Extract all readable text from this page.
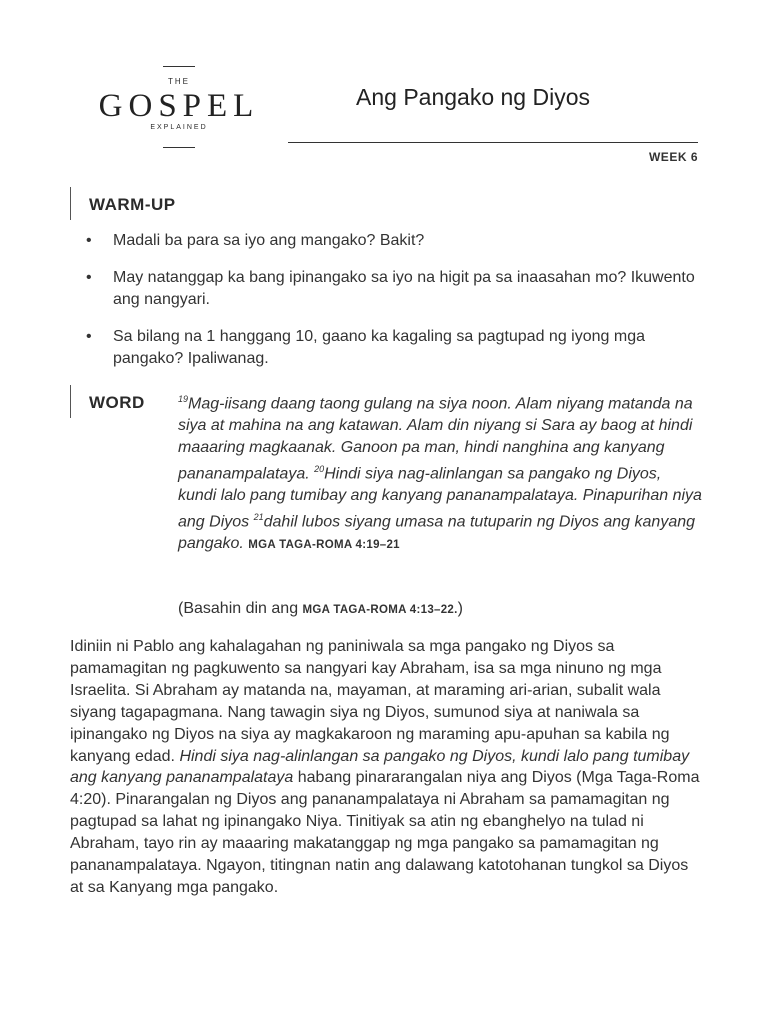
THE
GOSPEL
EXPLAINED
Ang Pangako ng Diyos
WEEK 6
WARM-UP
• Madali ba para sa iyo ang mangako? Bakit?
• May natanggap ka bang ipinangako sa iyo na higit pa sa inaasahan mo? Ikuwento ang nangyari.
• Sa bilang na 1 hanggang 10, gaano ka kagaling sa pagtupad ng iyong mga pangako? Ipaliwanag.
WORD	$^{19}$Mag-iisang daang taong gulang na siya noon. Alam niyang matanda na siya at mahina na ang katawan. Alam din niyang si Sara ay baog at hindi maaaring magkaanak. Ganoon pa man, hindi nanghina ang kanyang pananampalataya. $^{20}$Hindi siya nag-alinlangan sa pangako ng Diyos, kundi lalo pang tumibay ang kanyang pananampalataya. Pinapurihan niya ang Diyos $^{21}$dahil lubos siyang umasa na tutuparin ng Diyos ang kanyang pangako. MGA TAGA-ROMA 4:19–21
(Basahin din ang MGA TAGA-ROMA 4:13–22.)
Idiniin ni Pablo ang kahalagahan ng paniniwala sa mga pangako ng Diyos sa pamamagitan ng pagkuwento sa nangyari kay Abraham, isa sa mga ninuno ng mga Israelita. Si Abraham ay matanda na, mayaman, at maraming ari-arian, subalit wala siyang tagapagmana. Nang tawagin siya ng Diyos, sumunod siya at naniwala sa ipinangako ng Diyos na siya ay magkakaroon ng maraming apu-apuhan sa kabila ng kanyang edad. Hindi siya nag-alinlangan sa pangako ng Diyos, kundi lalo pang tumibay ang kanyang pananampalataya habang pinararangalan niya ang Diyos (Mga Taga-Roma 4:20). Pinarangalan ng Diyos ang pananampalataya ni Abraham sa pamamagitan ng pagtupad sa lahat ng ipinangako Niya. Tinitiyak sa atin ng ebanghelyo na tulad ni Abraham, tayo rin ay maaaring makatanggap ng mga pangako sa pamamagitan ng pananampalataya. Ngayon, titingnan natin ang dalawang katotohanan tungkol sa Diyos at sa Kanyang mga pangako.
